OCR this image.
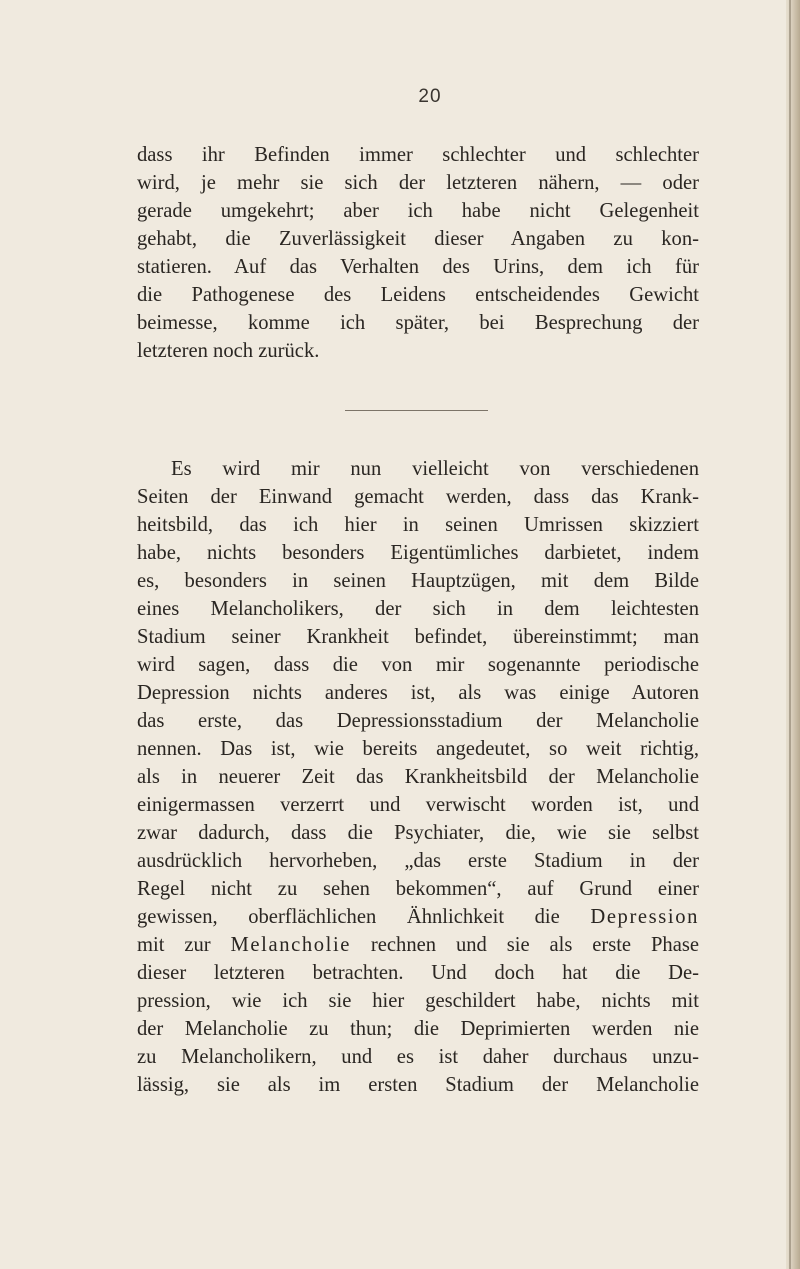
20
dass ihr Befinden immer schlechter und schlechter
wird, je mehr sie sich der letzteren nähern, — oder
gerade umgekehrt; aber ich habe nicht Gelegenheit
gehabt, die Zuverlässigkeit dieser Angaben zu kon-
statieren. Auf das Verhalten des Urins, dem ich für
die Pathogenese des Leidens entscheidendes Gewicht
beimesse, komme ich später, bei Besprechung der
letzteren noch zurück.
Es wird mir nun vielleicht von verschiedenen
Seiten der Einwand gemacht werden, dass das Krank-
heitsbild, das ich hier in seinen Umrissen skizziert
habe, nichts besonders Eigentümliches darbietet, indem
es, besonders in seinen Hauptzügen, mit dem Bilde
eines Melancholikers, der sich in dem leichtesten
Stadium seiner Krankheit befindet, übereinstimmt; man
wird sagen, dass die von mir sogenannte periodische
Depression nichts anderes ist, als was einige Autoren
das erste, das Depressionsstadium der Melancholie
nennen. Das ist, wie bereits angedeutet, so weit richtig,
als in neuerer Zeit das Krankheitsbild der Melancholie
einigermassen verzerrt und verwischt worden ist, und
zwar dadurch, dass die Psychiater, die, wie sie selbst
ausdrücklich hervorheben, „das erste Stadium in der
Regel nicht zu sehen bekommen“, auf Grund einer
gewissen, oberflächlichen Ähnlichkeit die Depression
mit zur Melancholie rechnen und sie als erste Phase
dieser letzteren betrachten. Und doch hat die De-
pression, wie ich sie hier geschildert habe, nichts mit
der Melancholie zu thun; die Deprimierten werden nie
zu Melancholikern, und es ist daher durchaus unzu-
lässig, sie als im ersten Stadium der Melancholie
